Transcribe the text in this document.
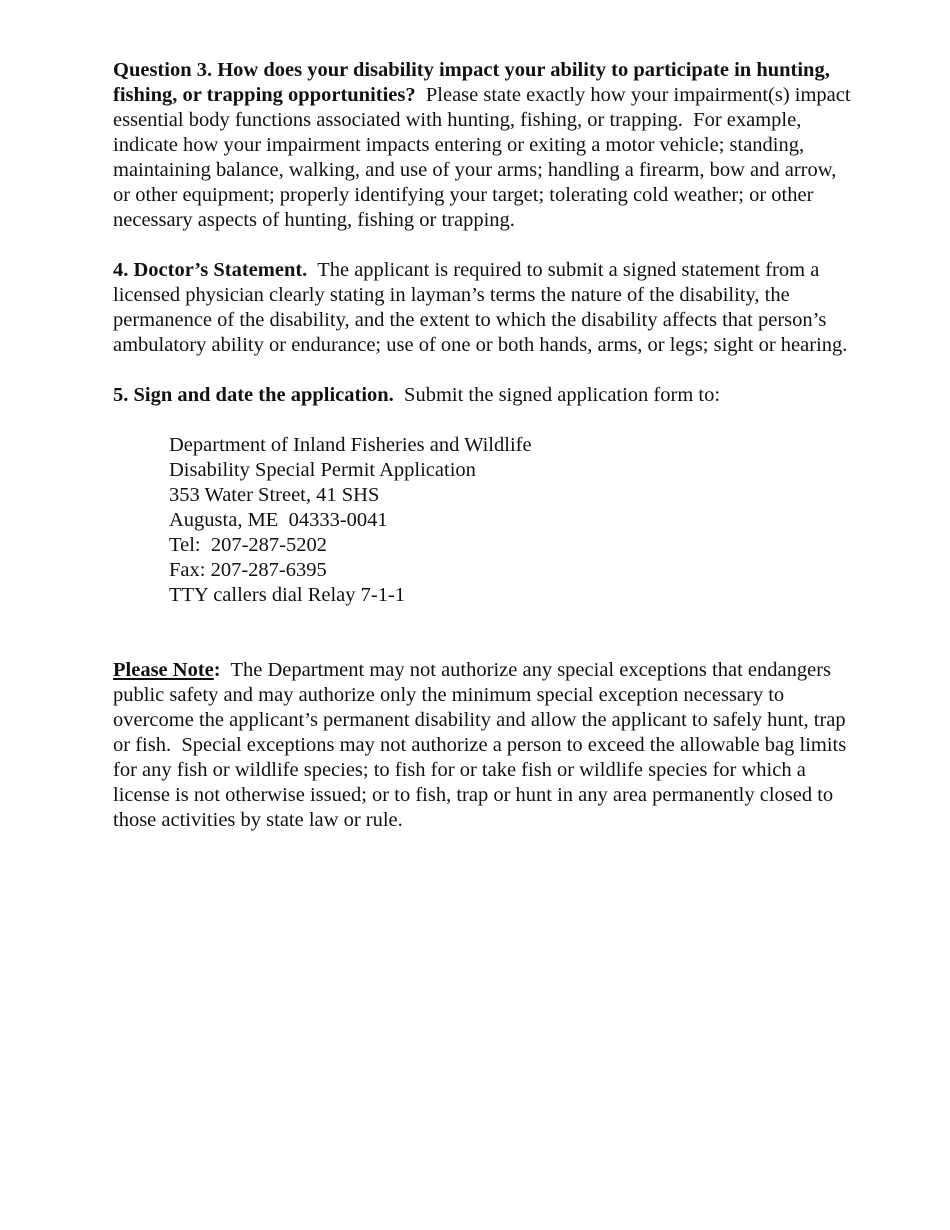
Question 3. How does your disability impact your ability to participate in hunting, fishing, or trapping opportunities?  Please state exactly how your impairment(s) impact essential body functions associated with hunting, fishing, or trapping.  For example, indicate how your impairment impacts entering or exiting a motor vehicle; standing, maintaining balance, walking, and use of your arms; handling a firearm, bow and arrow, or other equipment; properly identifying your target; tolerating cold weather; or other necessary aspects of hunting, fishing or trapping.

4. Doctor’s Statement.  The applicant is required to submit a signed statement from a licensed physician clearly stating in layman’s terms the nature of the disability, the permanence of the disability, and the extent to which the disability affects that person’s ambulatory ability or endurance; use of one or both hands, arms, or legs; sight or hearing.

5. Sign and date the application.  Submit the signed application form to:

Department of Inland Fisheries and Wildlife
Disability Special Permit Application
353 Water Street, 41 SHS
Augusta, ME  04333-0041
Tel:  207-287-5202
Fax: 207-287-6395
TTY callers dial Relay 7-1-1

Please Note:  The Department may not authorize any special exceptions that endangers public safety and may authorize only the minimum special exception necessary to overcome the applicant’s permanent disability and allow the applicant to safely hunt, trap or fish.  Special exceptions may not authorize a person to exceed the allowable bag limits for any fish or wildlife species; to fish for or take fish or wildlife species for which a license is not otherwise issued; or to fish, trap or hunt in any area permanently closed to those activities by state law or rule.
